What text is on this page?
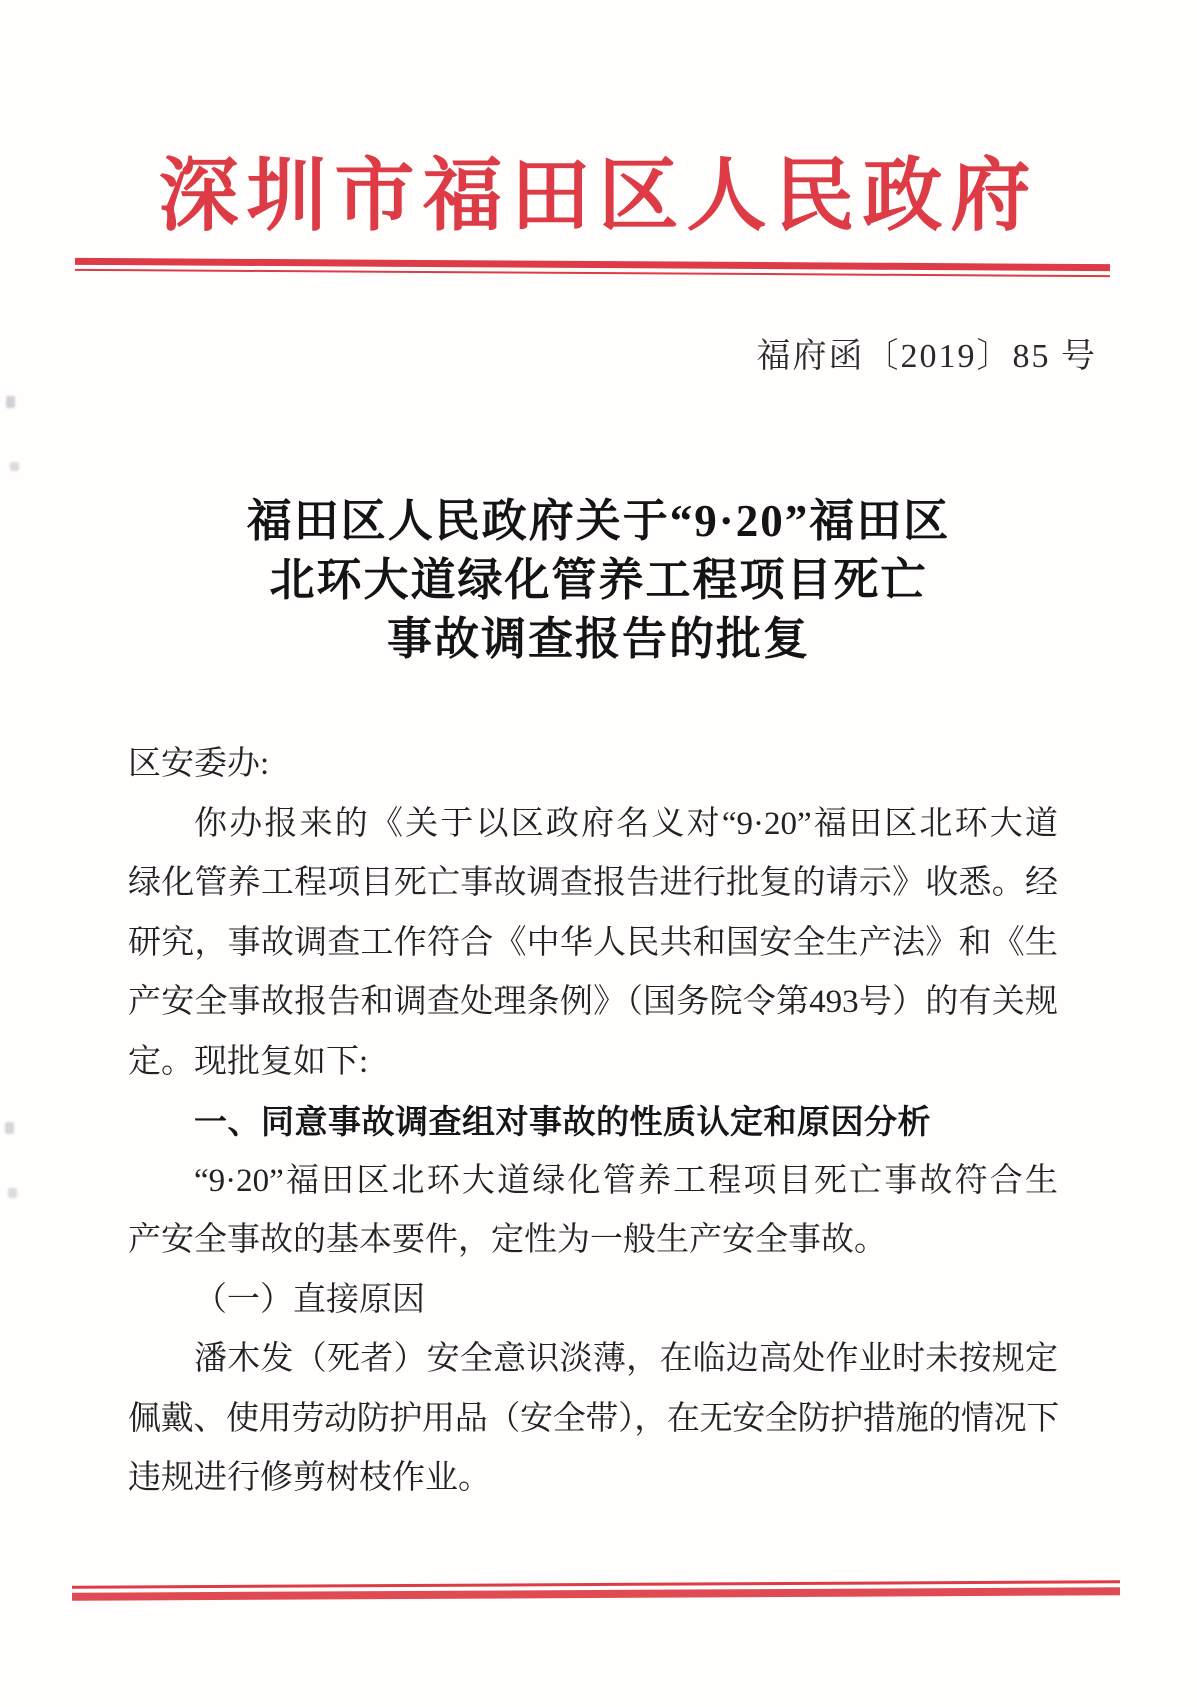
深圳市福田区人民政府
福府函〔2019〕85 号
福田区人民政府关于“9·20”福田区
北环大道绿化管养工程项目死亡
事故调查报告的批复
区安委办:
你办报来的《关于以区政府名义对“9·20”福田区北环大道
绿化管养工程项目死亡事故调查报告进行批复的请示》收悉。经
研究，事故调查工作符合《中华人民共和国安全生产法》和《生
产安全事故报告和调查处理条例》（国务院令第493号）的有关规
定。现批复如下:
一、同意事故调查组对事故的性质认定和原因分析
“9·20”福田区北环大道绿化管养工程项目死亡事故符合生
产安全事故的基本要件，定性为一般生产安全事故。
（一）直接原因
潘木发（死者）安全意识淡薄，在临边高处作业时未按规定
佩戴、使用劳动防护用品（安全带），在无安全防护措施的情况下
违规进行修剪树枝作业。
